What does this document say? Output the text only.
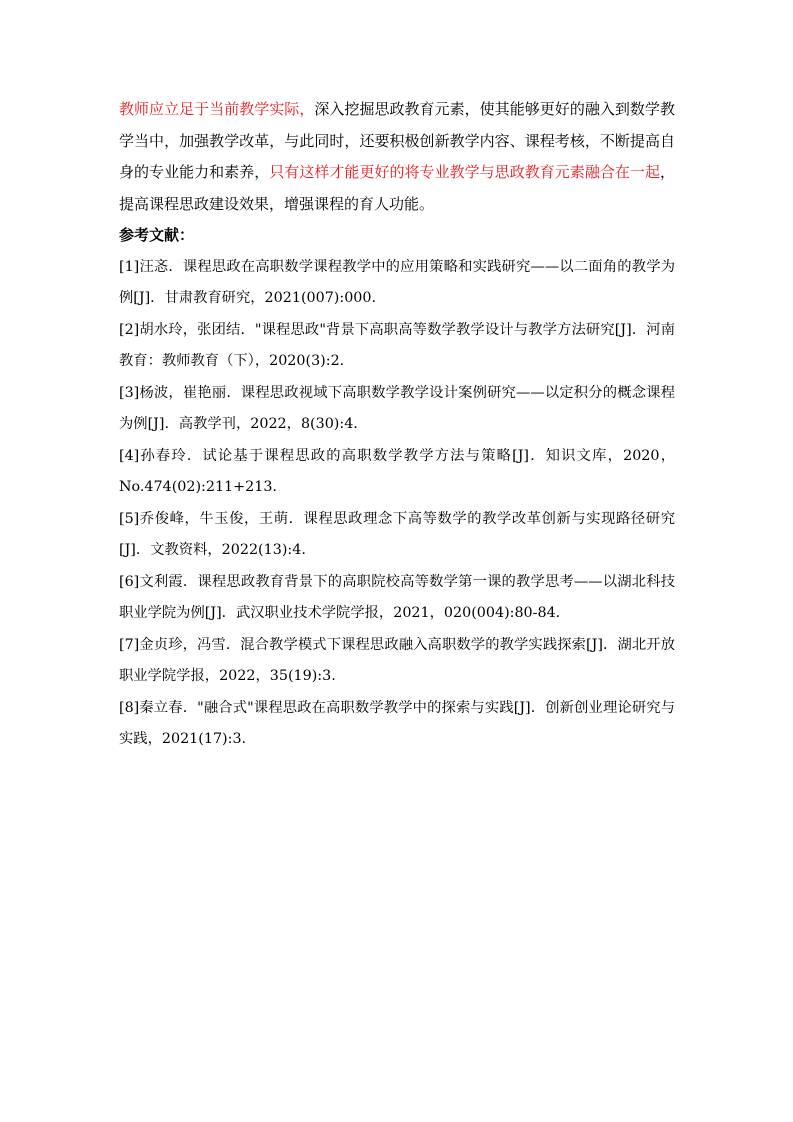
教师应立足于当前教学实际，深入挖掘思政教育元素，使其能够更好的融入到数学教学当中，加强教学改革，与此同时，还要积极创新教学内容、课程考核，不断提高自身的专业能力和素养，只有这样才能更好的将专业教学与思政教育元素融合在一起，提高课程思政建设效果，增强课程的育人功能。

参考文献：

[1]汪忞．课程思政在高职数学课程教学中的应用策略和实践研究——以二面角的教学为例[J]．甘肃教育研究，2021(007):000.

[2]胡水玲，张团结．"课程思政"背景下高职高等数学教学设计与教学方法研究[J]．河南教育：教师教育（下），2020(3):2.

[3]杨波，崔艳丽．课程思政视域下高职数学教学设计案例研究——以定积分的概念课程为例[J]．高教学刊，2022，8(30):4.

[4]孙春玲．试论基于课程思政的高职数学教学方法与策略[J]．知识文库，2020，No.474(02):211+213.

[5]乔俊峰，牛玉俊，王萌．课程思政理念下高等数学的教学改革创新与实现路径研究[J]．文教资料，2022(13):4.

[6]文利霞．课程思政教育背景下的高职院校高等数学第一课的教学思考——以湖北科技职业学院为例[J]．武汉职业技术学院学报，2021，020(004):80-84.

[7]金贞珍，冯雪．混合教学模式下课程思政融入高职数学的教学实践探索[J]．湖北开放职业学院学报，2022，35(19):3.

[8]秦立春．"融合式"课程思政在高职数学教学中的探索与实践[J]．创新创业理论研究与实践，2021(17):3.
